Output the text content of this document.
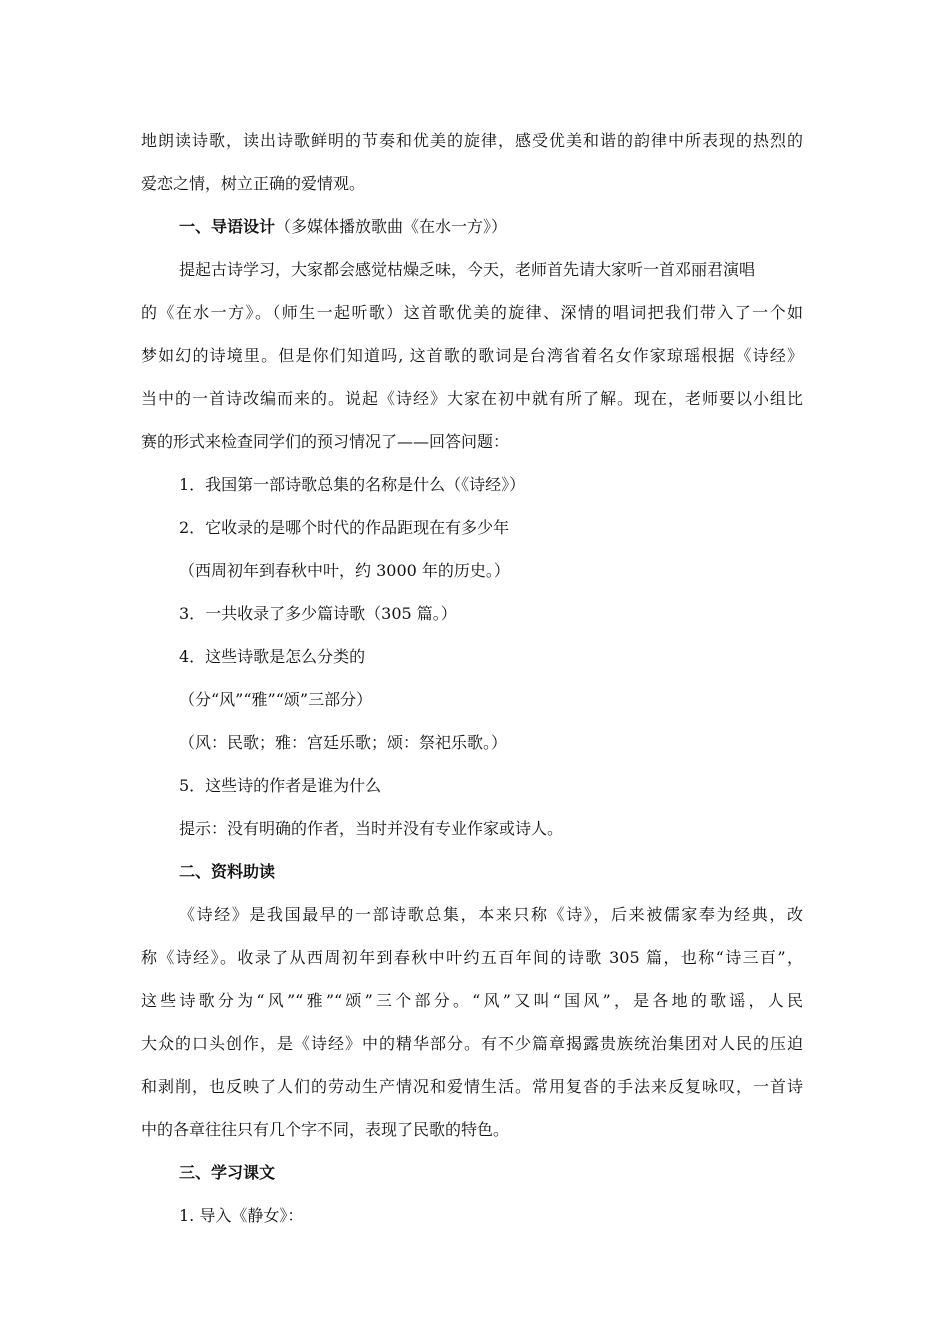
地朗读诗歌，读出诗歌鲜明的节奏和优美的旋律，感受优美和谐的韵律中所表现的热烈的
爱恋之情，树立正确的爱情观。
一、导语设计（多媒体播放歌曲《在水一方》）
提起古诗学习，大家都会感觉枯燥乏味，今天，老师首先请大家听一首邓丽君演唱
的《在水一方》。（师生一起听歌）这首歌优美的旋律、深情的唱词把我们带入了一个如
梦如幻的诗境里。但是你们知道吗, 这首歌的歌词是台湾省着名女作家琼瑶根据《诗经》
当中的一首诗改编而来的。说起《诗经》大家在初中就有所了解。现在，老师要以小组比
赛的形式来检查同学们的预习情况了——回答问题：
1．我国第一部诗歌总集的名称是什么（《诗经》）
2．它收录的是哪个时代的作品距现在有多少年
（西周初年到春秋中叶，约 3000 年的历史。）
3．一共收录了多少篇诗歌（305 篇。）
4．这些诗歌是怎么分类的
（分“风”“雅”“颂”三部分）
（风：民歌；雅：宫廷乐歌；颂：祭祀乐歌。）
5．这些诗的作者是谁为什么
提示：没有明确的作者，当时并没有专业作家或诗人。
二、资料助读
《诗经》是我国最早的一部诗歌总集，本来只称《诗》，后来被儒家奉为经典，改
称《诗经》。收录了从西周初年到春秋中叶约五百年间的诗歌 305 篇，也称“诗三百”，
这些诗歌分为“风”“雅”“颂”三个部分。“风”又叫“国风”，是各地的歌谣，人民
大众的口头创作，是《诗经》中的精华部分。有不少篇章揭露贵族统治集团对人民的压迫
和剥削，也反映了人们的劳动生产情况和爱情生活。常用复沓的手法来反复咏叹，一首诗
中的各章往往只有几个字不同，表现了民歌的特色。
三、学习课文
1. 导入《静女》：
